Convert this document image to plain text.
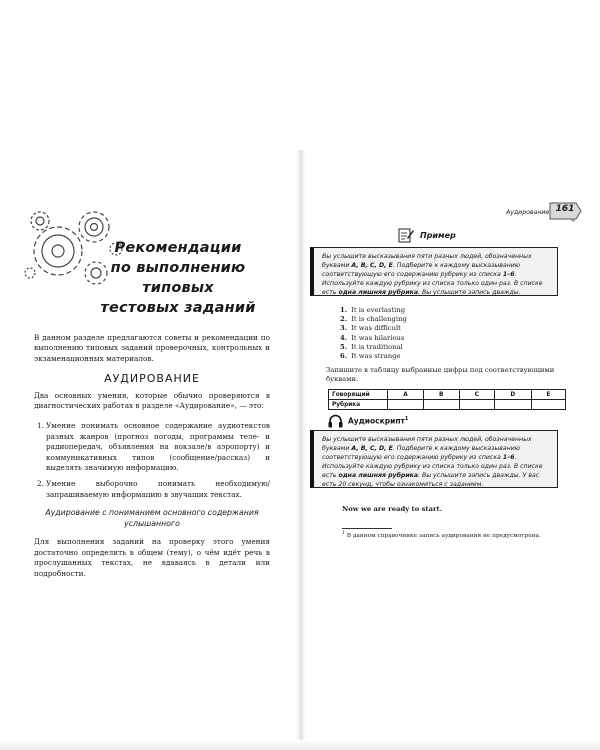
Рекомендации
по выполнению типовых
тестовых заданий

В данном разделе предлагаются советы и рекомендации по выполнению типовых заданий проверочных, контрольных и экзаменационных материалов.

АУДИРОВАНИЕ

Два основных умения, которые обычно проверяются в диагностических работах в разделе «Аудирование», — это:

1. Умение понимать основное содержание аудиотекстов разных жанров (прогноз погоды, программы теле- и радиопередач, объявления на вокзале/в аэропорту) и коммуникативных типов (сообщение/рассказ) и выделять значимую информацию.
2. Умение выборочно понимать необходимую/запрашиваемую информацию в звучащих текстах.
Аудирование с пониманием основного содержания услышанного

Для выполнения заданий на проверку этого умения достаточно определить в общем (тему), о чём идёт речь в прослушанных текстах, не вдаваясь в детали или подробности.

Аудирование 161
Пример
Вы услышите высказывания пяти разных людей, обозначенных буквами A, B, C, D, E. Подберите к каждому высказыванию соответствующую его содержанию рубрику из списка 1–6. Используйте каждую рубрику из списка только один раз. В списке есть одна лишняя рубрика. Вы услышите запись дважды.
1. It is everlasting
2. It is challenging
3. It was difficult
4. It was hilarious
5. It is traditional
6. It was strange
Запишите в таблицу выбранные цифры под соответствующими буквами.
Говорящий	A	B	C	D	E
Рубрика					
Аудиоскрипт$^1$
Вы услышите высказывания пяти разных людей, обозначенных буквами A, B, C, D, E. Подберите к каждому высказыванию соответствующую его содержанию рубрику из списка 1–6. Используйте каждую рубрику из списка только один раз. В списке есть одна лишняя рубрика. Вы услышите запись дважды. У вас есть 20 секунд, чтобы ознакомиться с заданием.
Now we are ready to start.
$^1$ В данном справочнике запись аудирования не предусмотрена.
